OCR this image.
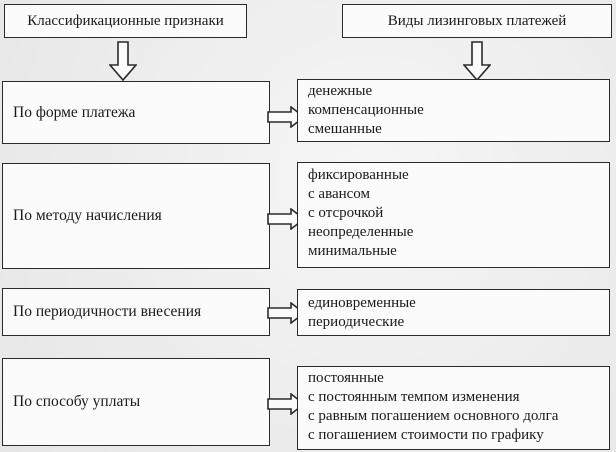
Классификационные признаки	Виды лизинговых платежей
По форме платежа
денежные
компенсационные
смешанные
По методу начисления
фиксированные
с авансом
с отсрочкой
неопределенные
минимальные
По периодичности внесения	единовременные
периодические
По способу уплаты
постоянные
с постоянным темпом изменения
с равным погашением основного долга
с погашением стоимости по графику
